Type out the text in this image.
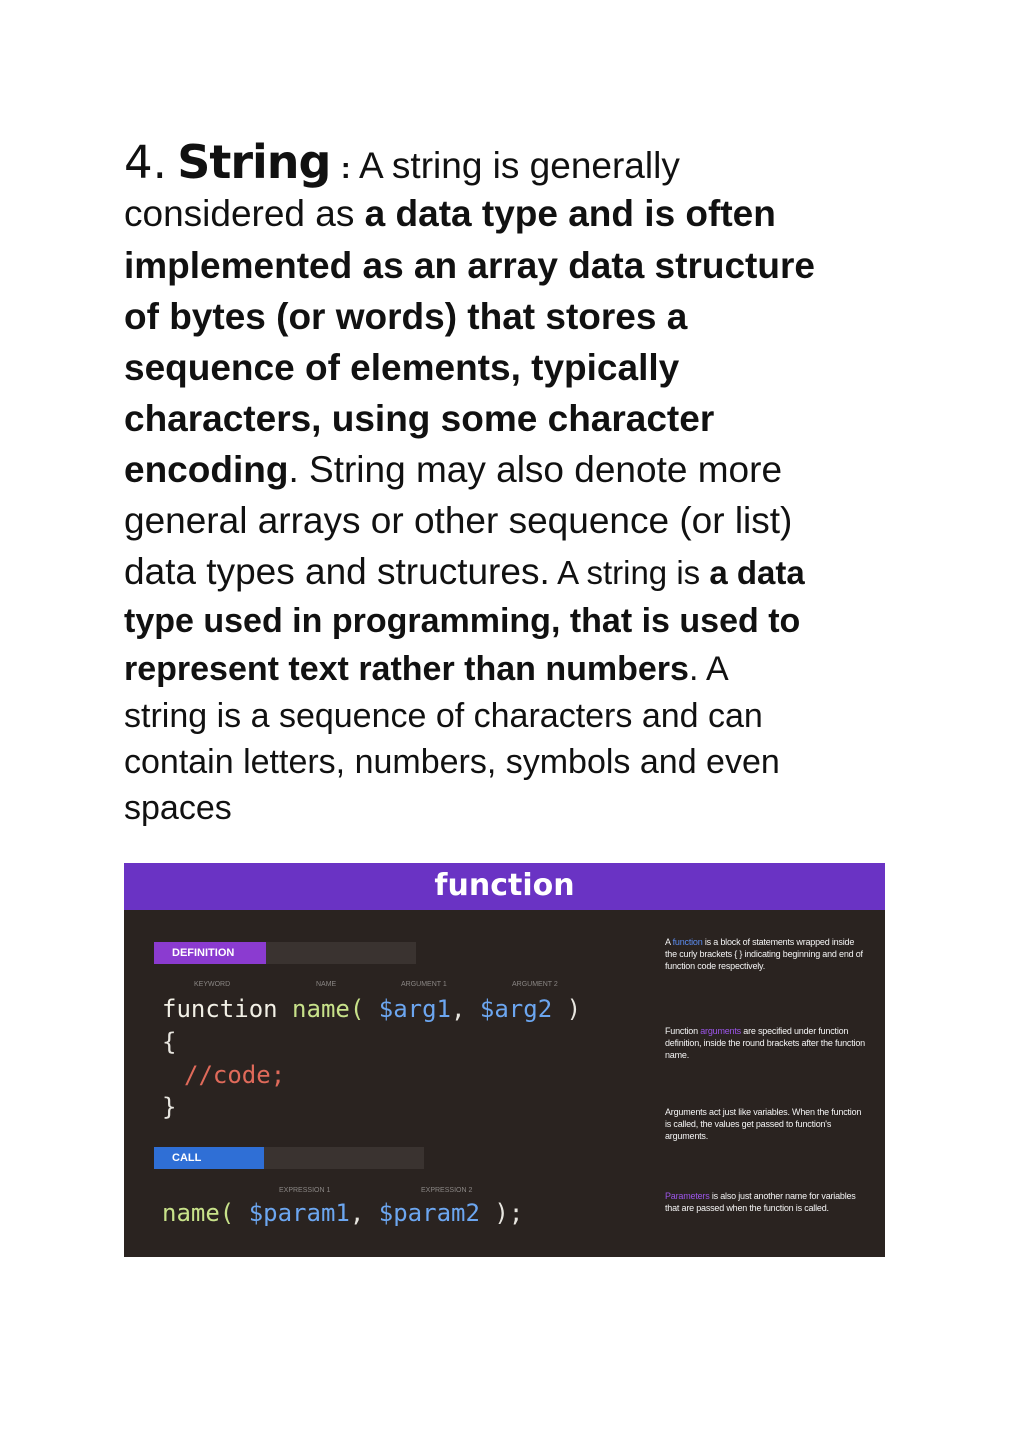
4. String : A string is generally
considered as a data type and is often
implemented as an array data structure
of bytes (or words) that stores a
sequence of elements, typically
characters, using some character
encoding. String may also denote more
general arrays or other sequence (or list)
data types and structures. A string is a data
type used in programming, that is used to
represent text rather than numbers. A
string is a sequence of characters and can
contain letters, numbers, symbols and even
spaces
function
DEFINITION
KEYWORD	NAME	ARGUMENT 1	ARGUMENT 2
function name( $arg1, $arg2 )
{
//code;
}
CALL
EXPRESSION 1	EXPRESSION 2
name( $param1, $param2 );
A function is a block of statements wrapped inside the curly brackets { } indicating beginning and end of function code respectively.
Function arguments are specified under function definition, inside the round brackets after the function name.
Arguments act just like variables. When the function is called, the values get passed to function's arguments.
Parameters is also just another name for variables that are passed when the function is called.
